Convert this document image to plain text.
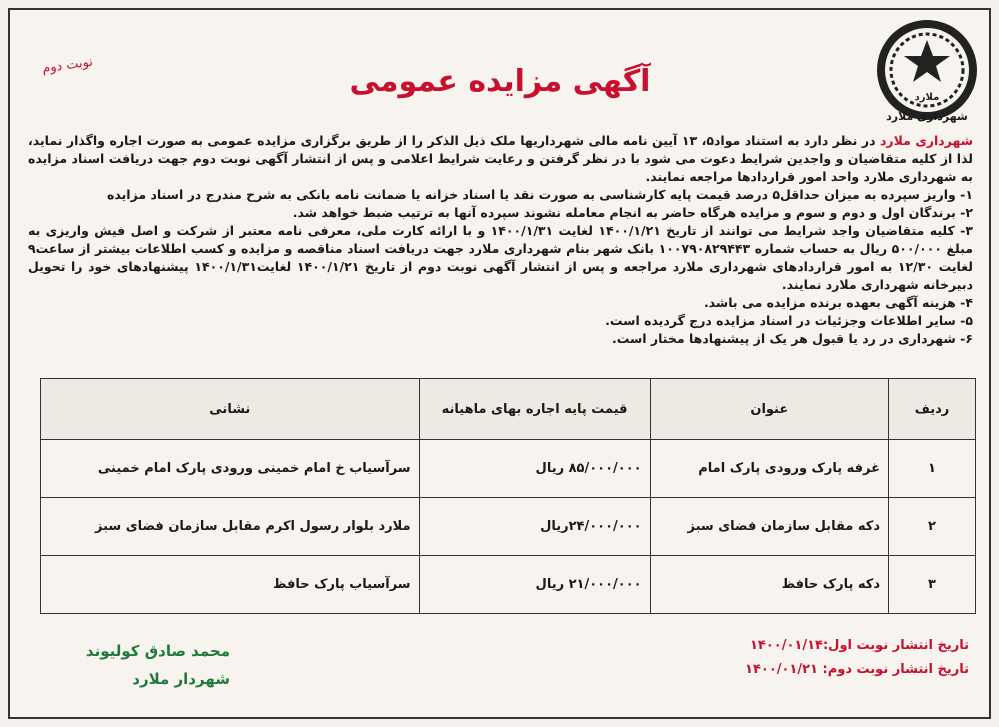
ملارد
شهرداری ملارد
آگهی مزایده عمومی
نوبت دوم

شهرداری ملارد در نظر دارد به استناد مواد۵، ۱۳ آیین نامه مالی شهرداریها ملک ذیل الذکر را از طریق برگزاری مزایده عمومی به صورت اجاره واگذار نماید، لذا از کلیه متقاضیان و واجدین شرایط دعوت می شود با در نظر گرفتن و رعایت شرایط اعلامی و پس از انتشار آگهی نوبت دوم جهت دریافت اسناد مزایده به شهرداری ملارد واحد امور قراردادها مراجعه نمایند.

۱- واریز سپرده به میزان حداقل۵ درصد قیمت پایه کارشناسی به صورت نقد یا اسناد خزانه یا ضمانت نامه بانکی به شرح مندرج در اسناد مزایده

۲- برندگان اول و دوم و سوم و مزایده هرگاه حاضر به انجام معامله نشوند سپرده آنها به ترتیب ضبط خواهد شد.

۳- کلیه متقاضیان واجد شرایط می توانند از تاریخ ۱۴۰۰/۱/۲۱ لغایت ۱۴۰۰/۱/۳۱ و با ارائه کارت ملی، معرفی نامه معتبر از شرکت و اصل فیش واریزی به مبلغ ۵۰۰/۰۰۰ ریال به حساب شماره ۱۰۰۷۹۰۸۲۹۴۴۳ بانک شهر بنام شهرداری ملارد جهت دریافت اسناد مناقصه و مزایده و کسب اطلاعات بیشتر از ساعت۹ لغایت ۱۲/۳۰ به امور قراردادهای شهرداری ملارد مراجعه و پس از انتشار آگهی نوبت دوم از تاریخ ۱۴۰۰/۱/۲۱ لغایت۱۴۰۰/۱/۳۱ پیشنهادهای خود را تحویل دبیرخانه شهرداری ملارد نمایند.

۴- هزینه آگهی بعهده برنده مزایده می باشد.

۵- سایر اطلاعات وجزئیات در اسناد مزایده درج گردیده است.

۶- شهرداری در رد یا قبول هر یک از پیشنهادها مختار است.

ردیف	عنوان	قیمت پایه اجاره بهای ماهیانه	نشانی
۱	غرفه پارک ورودی پارک امام	۸۵/۰۰۰/۰۰۰ ریال	سرآسیاب خ امام خمینی ورودی پارک امام خمینی
۲	دکه مقابل سازمان فضای سبز	۲۴/۰۰۰/۰۰۰ریال	ملارد بلوار رسول اکرم مقابل سازمان فضای سبز
۳	دکه پارک حافظ	۲۱/۰۰۰/۰۰۰ ریال	سرآسیاب پارک حافظ
تاریخ انتشار نوبت اول:۱۴۰۰/۰۱/۱۴
تاریخ انتشار نوبت دوم: ۱۴۰۰/۰۱/۲۱
محمد صادق کولیوند
شهردار ملارد
